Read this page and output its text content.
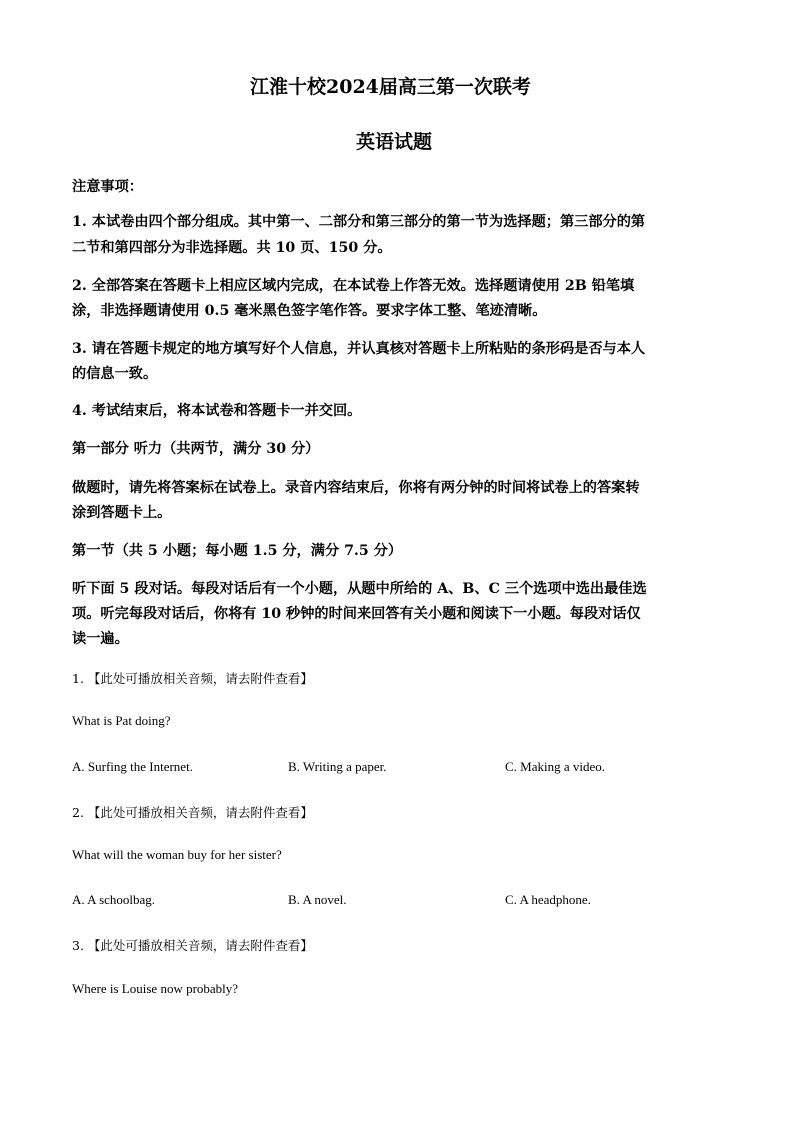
江淮十校2024届高三第一次联考
英语试题
注意事项：
1. 本试卷由四个部分组成。其中第一、二部分和第三部分的第一节为选择题；第三部分的第
二节和第四部分为非选择题。共 10 页、150 分。
2. 全部答案在答题卡上相应区域内完成，在本试卷上作答无效。选择题请使用 2B 铅笔填
涂，非选择题请使用 0.5 毫米黑色签字笔作答。要求字体工整、笔迹清晰。
3. 请在答题卡规定的地方填写好个人信息，并认真核对答题卡上所粘贴的条形码是否与本人
的信息一致。
4. 考试结束后，将本试卷和答题卡一并交回。
第一部分 听力（共两节，满分 30 分）
做题时，请先将答案标在试卷上。录音内容结束后，你将有两分钟的时间将试卷上的答案转
涂到答题卡上。
第一节（共 5 小题；每小题 1.5 分，满分 7.5 分）
听下面 5 段对话。每段对话后有一个小题，从题中所给的 A、B、C 三个选项中选出最佳选
项。听完每段对话后，你将有 10 秒钟的时间来回答有关小题和阅读下一小题。每段对话仅
读一遍。
1. 【此处可播放相关音频，请去附件查看】
What is Pat doing?
A. Surfing the Internet.	B. Writing a paper.	C. Making a video.
2. 【此处可播放相关音频，请去附件查看】
What will the woman buy for her sister?
A. A schoolbag.	B. A novel.	C. A headphone.
3. 【此处可播放相关音频，请去附件查看】
Where is Louise now probably?
